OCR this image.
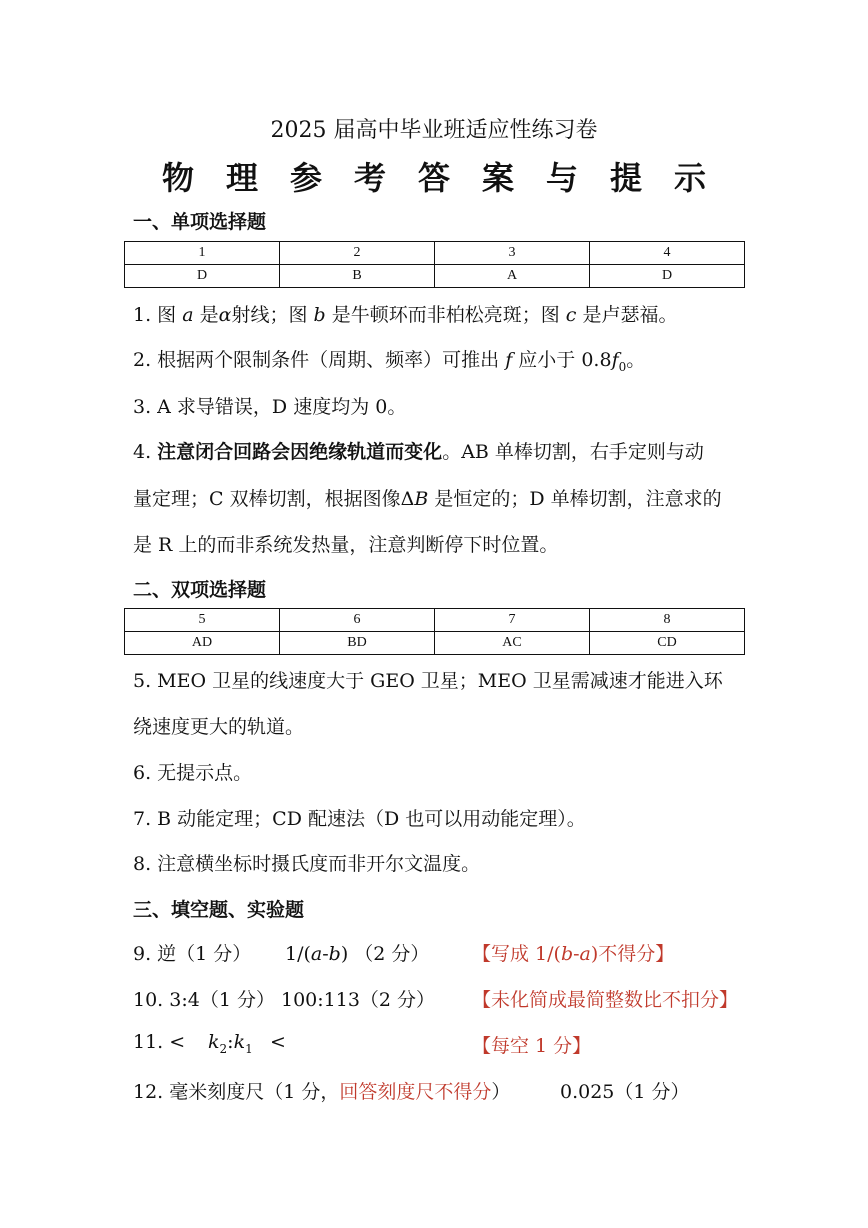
2025 届高中毕业班适应性练习卷
物理参考答案与提示
一、单项选择题
1	2	3	4
D	B	A	D
1. 图 a 是α射线；图 b 是牛顿环而非柏松亮斑；图 c 是卢瑟福。
2. 根据两个限制条件（周期、频率）可推出 f 应小于 $0.8f_0$。
3. A 求导错误，D 速度均为 0。
4. 注意闭合回路会因绝缘轨道而变化。AB 单棒切割，右手定则与动
量定理；C 双棒切割，根据图像ΔB 是恒定的；D 单棒切割，注意求的
是 R 上的而非系统发热量，注意判断停下时位置。
二、双项选择题
5	6	7	8
AD	BD	AC	CD
5. MEO 卫星的线速度大于 GEO 卫星；MEO 卫星需减速才能进入环
绕速度更大的轨道。
6. 无提示点。
7. B 动能定理；CD 配速法（D 也可以用动能定理）。
8. 注意横坐标时摄氏度而非开尔文温度。
三、填空题、实验题
9. 逆（1 分） 1/(a-b) （2 分） 【写成 1/(b-a)不得分】
10. 3:4（1 分） 100:113（2 分） 【未化简成最简整数比不扣分】
11. < $k_2:k_1$ <	【每空 1 分】
12. 毫米刻度尺（1 分，回答刻度尺不得分）	0.025（1 分）
